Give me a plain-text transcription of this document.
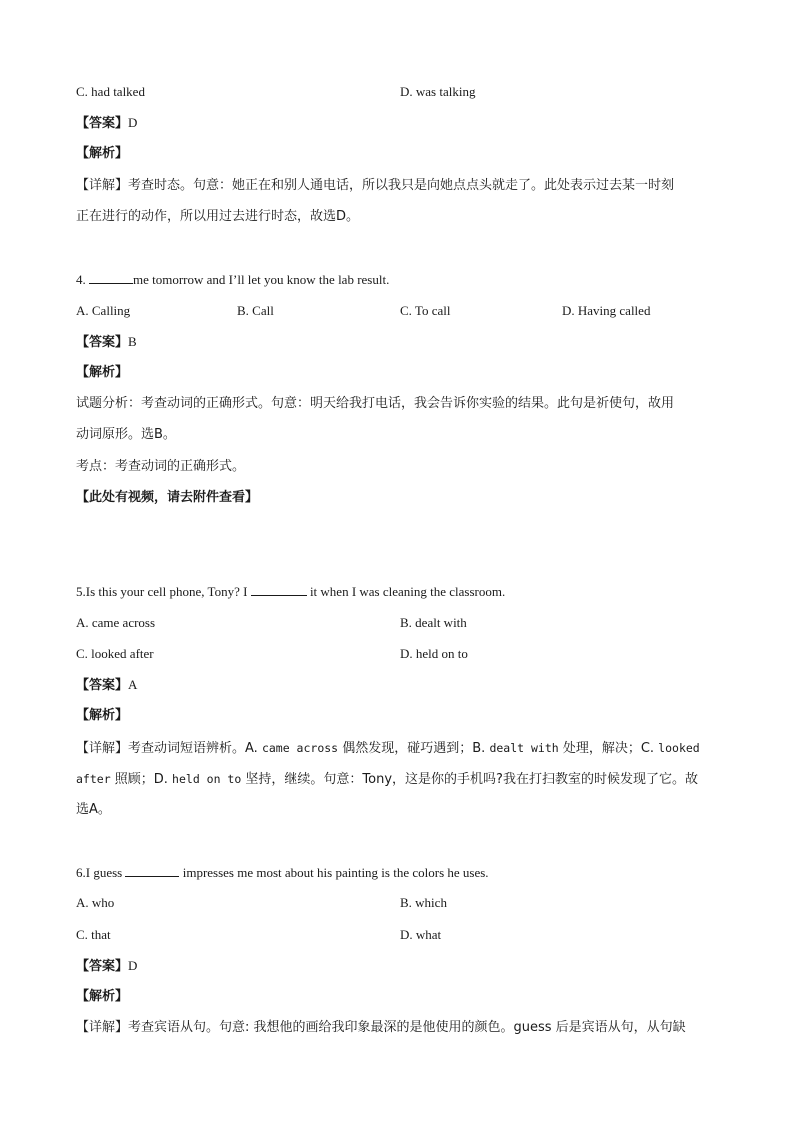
C. had talked	D. was talking
【答案】D
【解析】
【详解】考查时态。句意：她正在和别人通电话，所以我只是向她点点头就走了。此处表示过去某一时刻
正在进行的动作，所以用过去进行时态，故选D。
4.	me tomorrow and I’ll let you know the lab result.
A. Calling	B. Call	C. To call	D. Having called
【答案】B
【解析】
试题分析：考查动词的正确形式。句意：明天给我打电话，我会告诉你实验的结果。此句是祈使句，故用
动词原形。选B。
考点：考查动词的正确形式。
【此处有视频，请去附件查看】
5.Is this your cell phone, Tony? I	it when I was cleaning the classroom.
A. came across	B. dealt with
C. looked after	D. held on to
【答案】A
【解析】
【详解】考查动词短语辨析。A. came across 偶然发现，碰巧遇到；B. dealt with 处理，解决；C. looked
after 照顾；D. held on to 坚持，继续。句意：Tony，这是你的手机吗?我在打扫教室的时候发现了它。故
选A。
6.I guess	impresses me most about his painting is the colors he uses.
A. who	B. which
C. that	D. what
【答案】D
【解析】
【详解】考查宾语从句。句意: 我想他的画给我印象最深的是他使用的颜色。guess 后是宾语从句，从句缺
